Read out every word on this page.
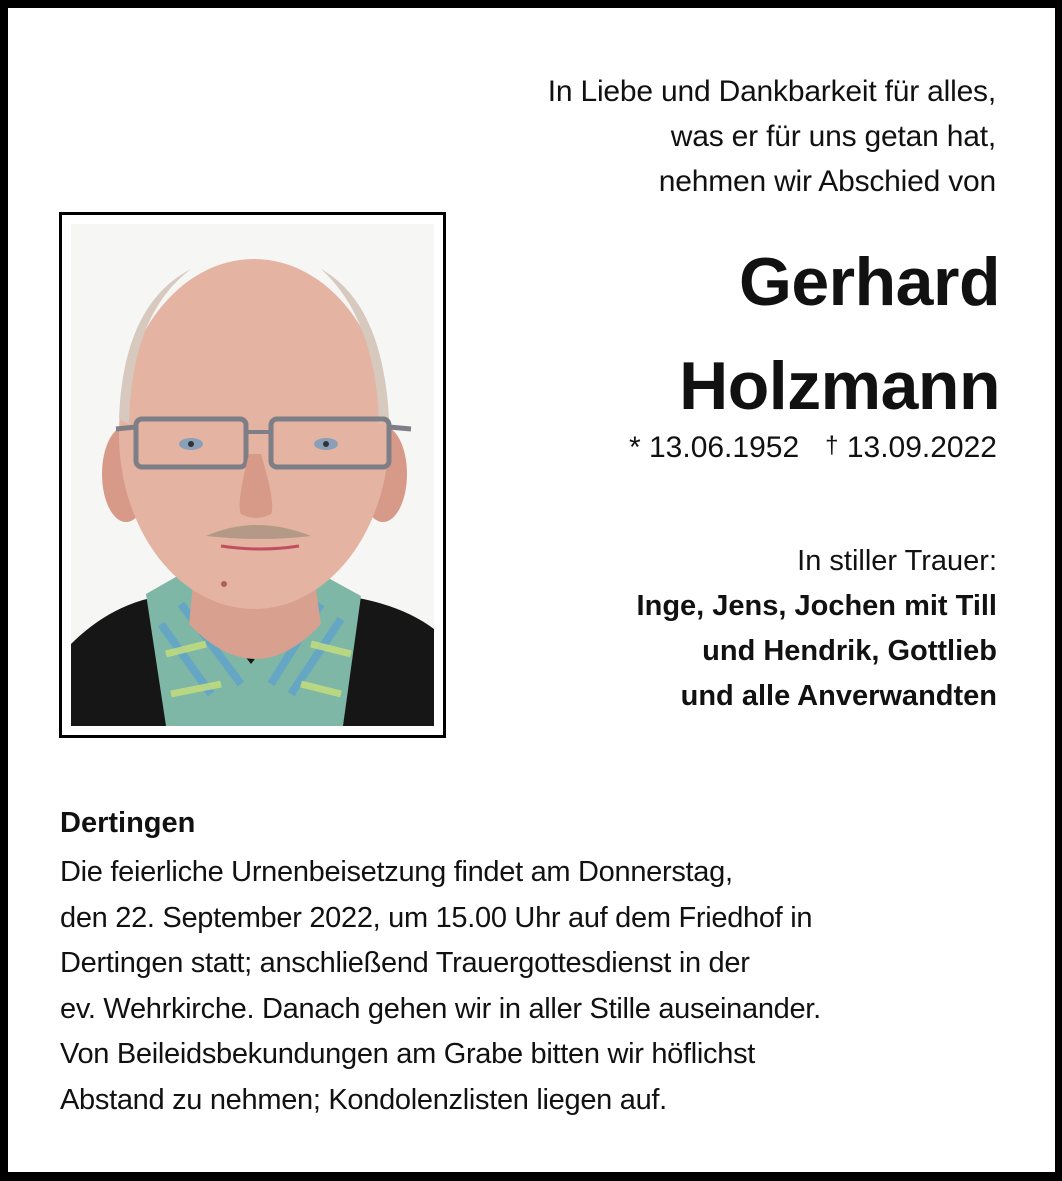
In Liebe und Dankbarkeit für alles,
was er für uns getan hat,
nehmen wir Abschied von
Gerhard
Holzmann
* 13.06.1952 † 13.09.2022
In stiller Trauer:
Inge, Jens, Jochen mit Till
und Hendrik, Gottlieb
und alle Anverwandten
Dertingen
Die feierliche Urnenbeisetzung findet am Donnerstag,
den 22. September 2022, um 15.00 Uhr auf dem Friedhof in
Dertingen statt; anschließend Trauergottesdienst in der
ev. Wehrkirche. Danach gehen wir in aller Stille auseinander.
Von Beileidsbekundungen am Grabe bitten wir höflichst
Abstand zu nehmen; Kondolenzlisten liegen auf.
